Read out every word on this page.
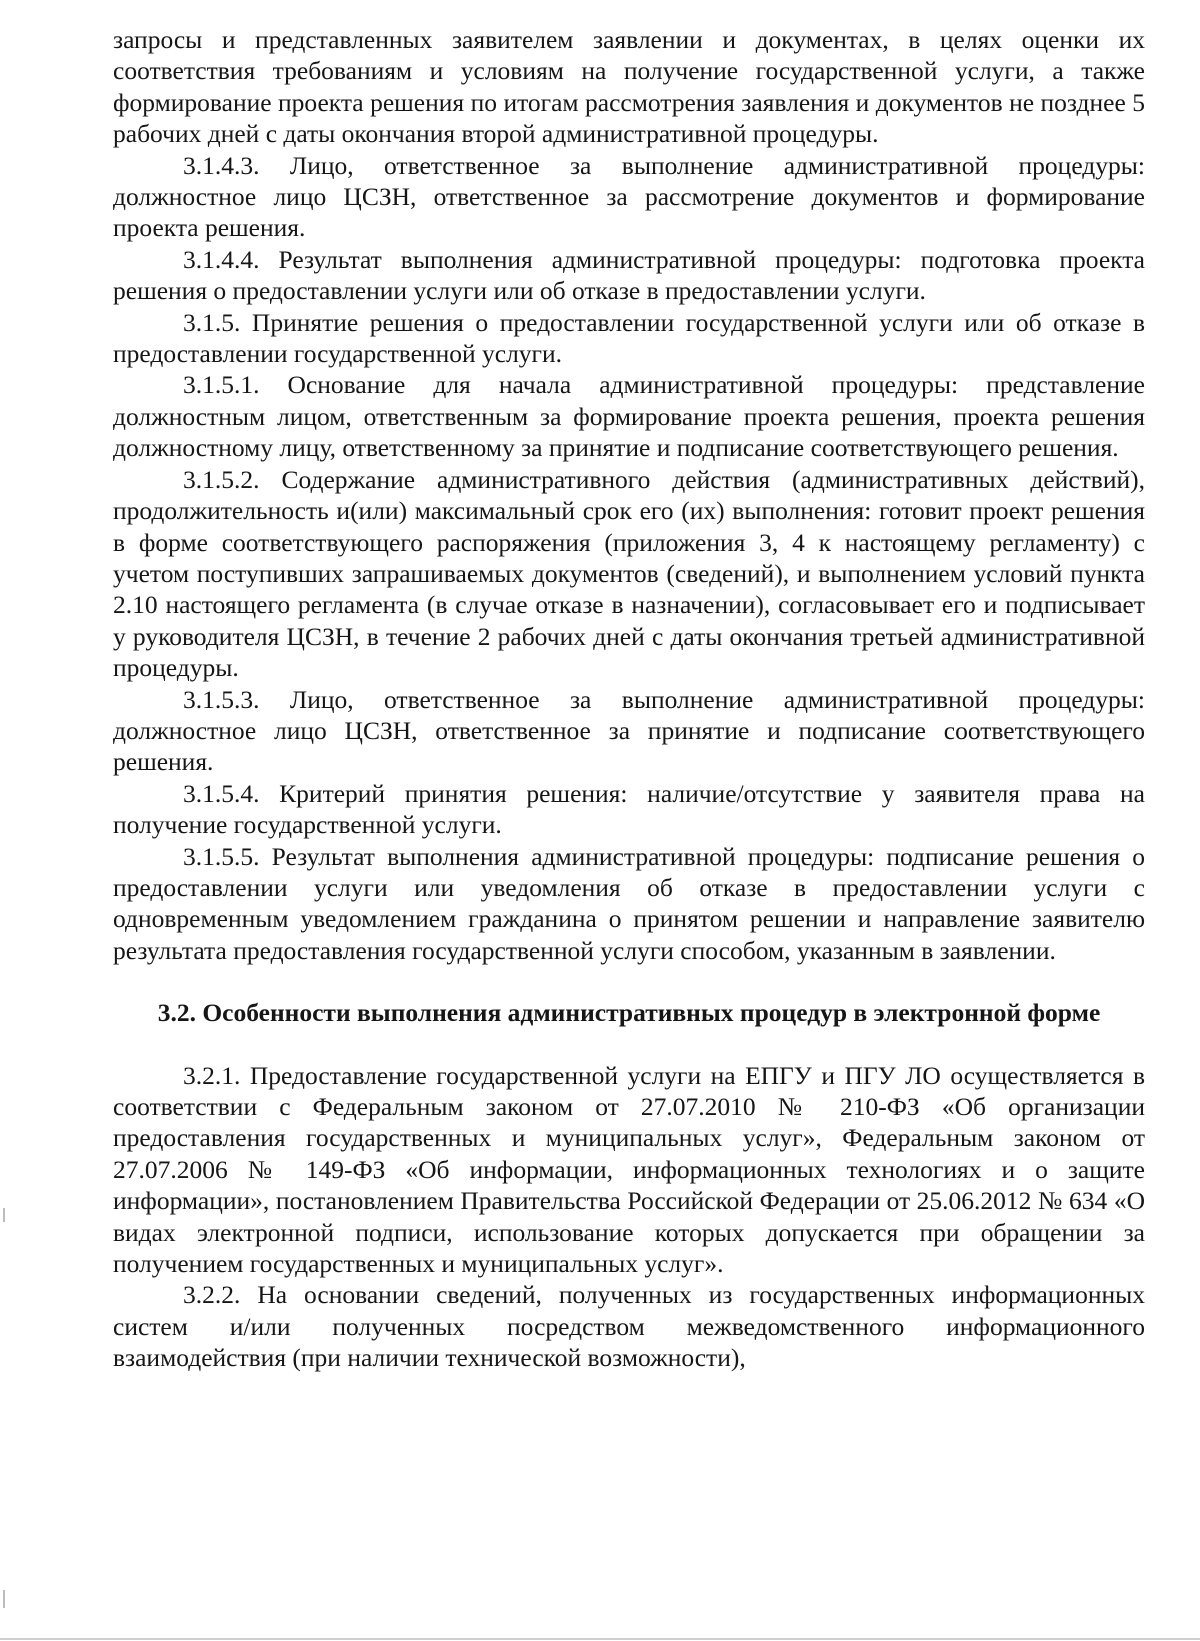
запросы и представленных заявителем заявлении и документах, в целях оценки их соответствия требованиям и условиям на получение государственной услуги, а также формирование проекта решения по итогам рассмотрения заявления и документов не позднее 5 рабочих дней с даты окончания второй административной процедуры.

3.1.4.3. Лицо, ответственное за выполнение административной процедуры: должностное лицо ЦСЗН, ответственное за рассмотрение документов и формирование проекта решения.

3.1.4.4. Результат выполнения административной процедуры: подготовка проекта решения о предоставлении услуги или об отказе в предоставлении услуги.

3.1.5. Принятие решения о предоставлении государственной услуги или об отказе в предоставлении государственной услуги.

3.1.5.1. Основание для начала административной процедуры: представление должностным лицом, ответственным за формирование проекта решения, проекта решения должностному лицу, ответственному за принятие и подписание соответствующего решения.

3.1.5.2. Содержание административного действия (административных действий), продолжительность и(или) максимальный срок его (их) выполнения: готовит проект решения в форме соответствующего распоряжения (приложения 3, 4 к настоящему регламенту) с учетом поступивших запрашиваемых документов (сведений), и выполнением условий пункта 2.10 настоящего регламента (в случае отказе в назначении), согласовывает его и подписывает у руководителя ЦСЗН, в течение 2 рабочих дней с даты окончания третьей административной процедуры.

3.1.5.3. Лицо, ответственное за выполнение административной процедуры: должностное лицо ЦСЗН, ответственное за принятие и подписание соответствующего решения.

3.1.5.4. Критерий принятия решения: наличие/отсутствие у заявителя права на получение государственной услуги.

3.1.5.5. Результат выполнения административной процедуры: подписание решения о предоставлении услуги или уведомления об отказе в предоставлении услуги с одновременным уведомлением гражданина о принятом решении и направление заявителю результата предоставления государственной услуги способом, указанным в заявлении.

3.2. Особенности выполнения административных процедур в электронной форме

3.2.1. Предоставление государственной услуги на ЕПГУ и ПГУ ЛО осуществляется в соответствии с Федеральным законом от 27.07.2010 № 210-ФЗ «Об организации предоставления государственных и муниципальных услуг», Федеральным законом от 27.07.2006 № 149-ФЗ «Об информации, информационных технологиях и о защите информации», постановлением Правительства Российской Федерации от 25.06.2012 № 634 «О видах электронной подписи, использование которых допускается при обращении за получением государственных и муниципальных услуг».

3.2.2. На основании сведений, полученных из государственных информационных систем и/или полученных посредством межведомственного информационного взаимодействия (при наличии технической возможности),
